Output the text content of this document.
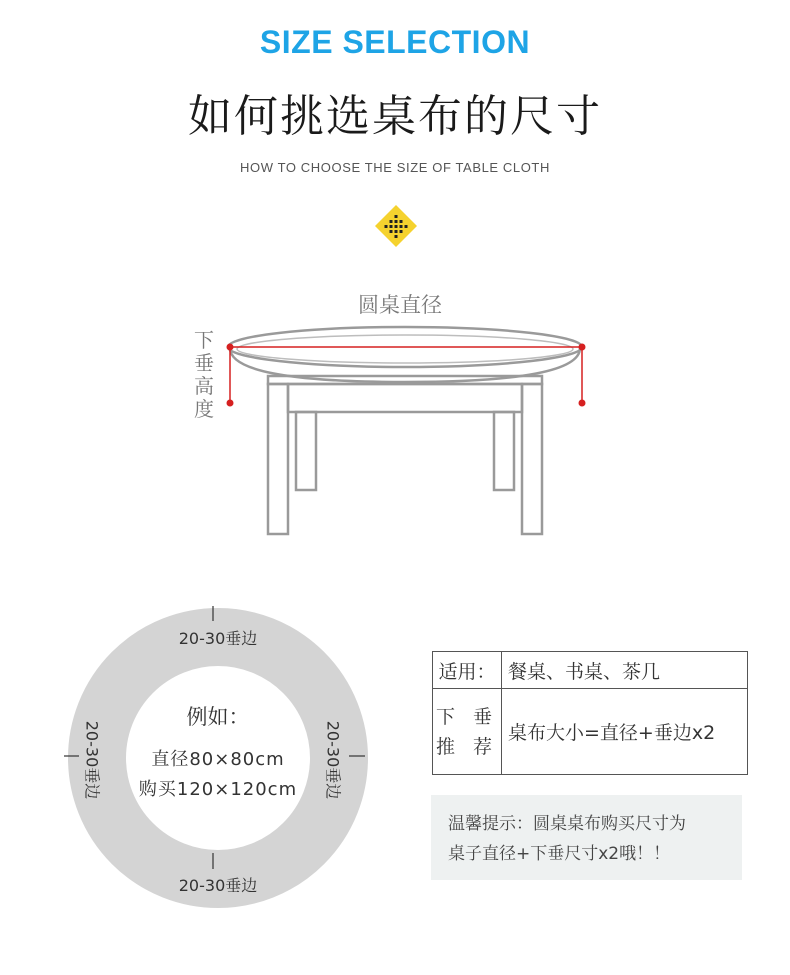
SIZE SELECTION
如何挑选桌布的尺寸
HOW TO CHOOSE THE SIZE OF TABLE CLOTH
圆桌直径
下垂高度
20-30垂边
20-30垂边
20-30垂边	20-30垂边
例如：
直径80×80cm
购买120×120cm
适用：	餐桌、书桌、茶几

下 垂
推 荐	桌布大小=直径+垂边x2
温馨提示：圆桌桌布购买尺寸为
桌子直径+下垂尺寸x2哦！！
